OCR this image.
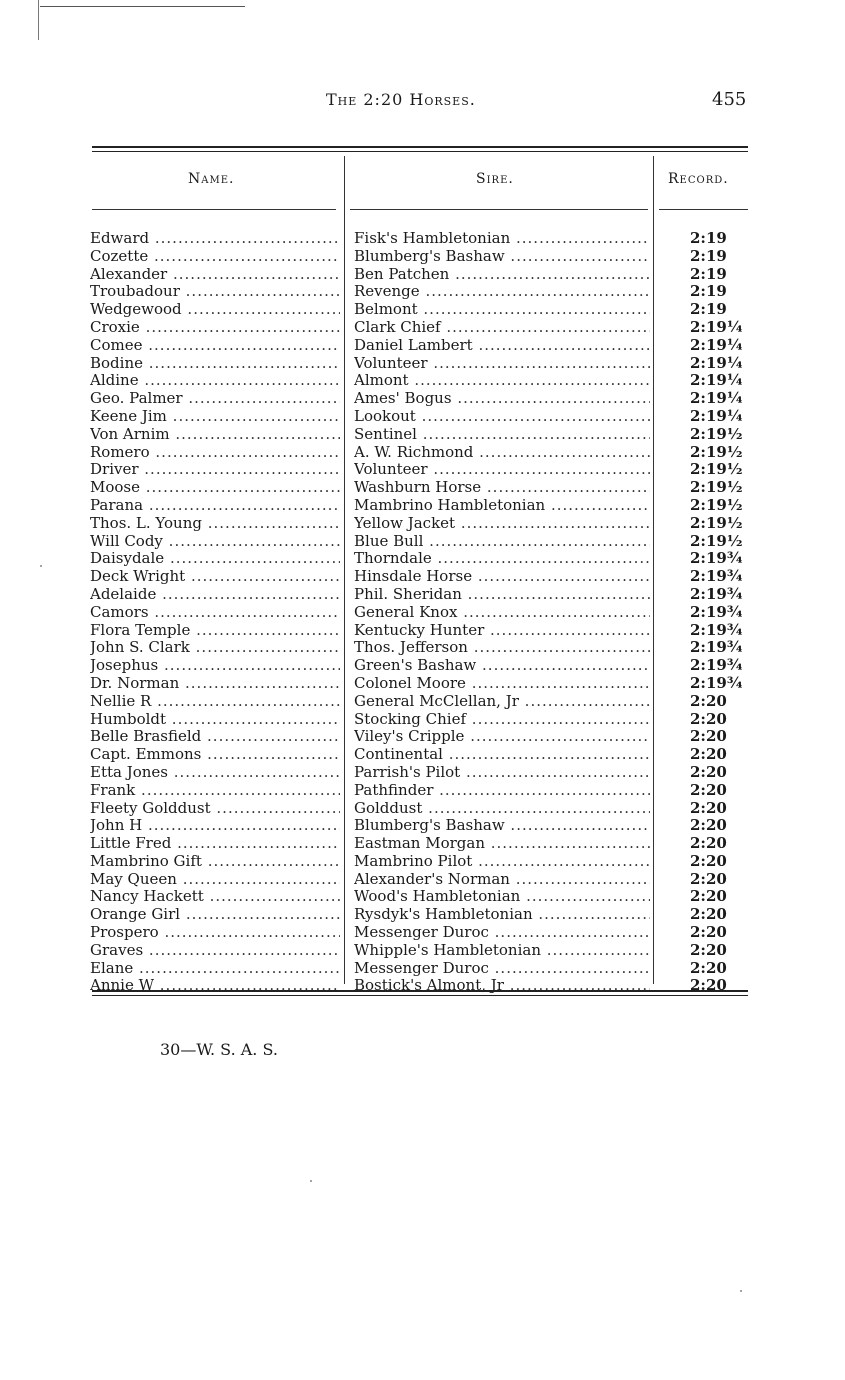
The 2:20 Horses.	455
Name.	Sire.	Record.
Edward .....	Fisk's Hambletonian .....	2:19
Cozette .....	Blumberg's Bashaw .....	2:19
Alexander .....	Ben Patchen .....	2:19
Troubadour .....	Revenge .....	2:19
Wedgewood .....	Belmont .....	2:19
Croxie .....	Clark Chief .....	2:19¼
Comee .....	Daniel Lambert .....	2:19¼
Bodine .....	Volunteer .....	2:19¼
Aldine .....	Almont .....	2:19¼
Geo. Palmer .....	Ames' Bogus .....	2:19¼
Keene Jim .....	Lookout .....	2:19¼
Von Arnim .....	Sentinel .....	2:19½
Romero .....	A. W. Richmond .....	2:19½
Driver .....	Volunteer .....	2:19½
Moose .....	Washburn Horse .....	2:19½
Parana .....	Mambrino Hambletonian .....	2:19½
Thos. L. Young .....	Yellow Jacket .....	2:19½
Will Cody .....	Blue Bull .....	2:19½
Daisydale .....	Thorndale .....	2:19¾
Deck Wright .....	Hinsdale Horse .....	2:19¾
Adelaide .....	Phil. Sheridan .....	2:19¾
Camors .....	General Knox .....	2:19¾
Flora Temple .....	Kentucky Hunter .....	2:19¾
John S. Clark .....	Thos. Jefferson .....	2:19¾
Josephus .....	Green's Bashaw .....	2:19¾
Dr. Norman .....	Colonel Moore .....	2:19¾
Nellie R .....	General McClellan, Jr .....	2:20
Humboldt .....	Stocking Chief .....	2:20
Belle Brasfield .....	Viley's Cripple .....	2:20
Capt. Emmons .....	Continental .....	2:20
Etta Jones .....	Parrish's Pilot .....	2:20
Frank .....	Pathfinder .....	2:20
Fleety Golddust .....	Golddust .....	2:20
John H .....	Blumberg's Bashaw .....	2:20
Little Fred .....	Eastman Morgan .....	2:20
Mambrino Gift .....	Mambrino Pilot .....	2:20
May Queen .....	Alexander's Norman .....	2:20
Nancy Hackett .....	Wood's Hambletonian .....	2:20
Orange Girl .....	Rysdyk's Hambletonian .....	2:20
Prospero .....	Messenger Duroc .....	2:20
Graves .....	Whipple's Hambletonian .....	2:20
Elane .....	Messenger Duroc .....	2:20
Annie W .....	Bostick's Almont, Jr .....	2:20
30—W. S. A. S.
